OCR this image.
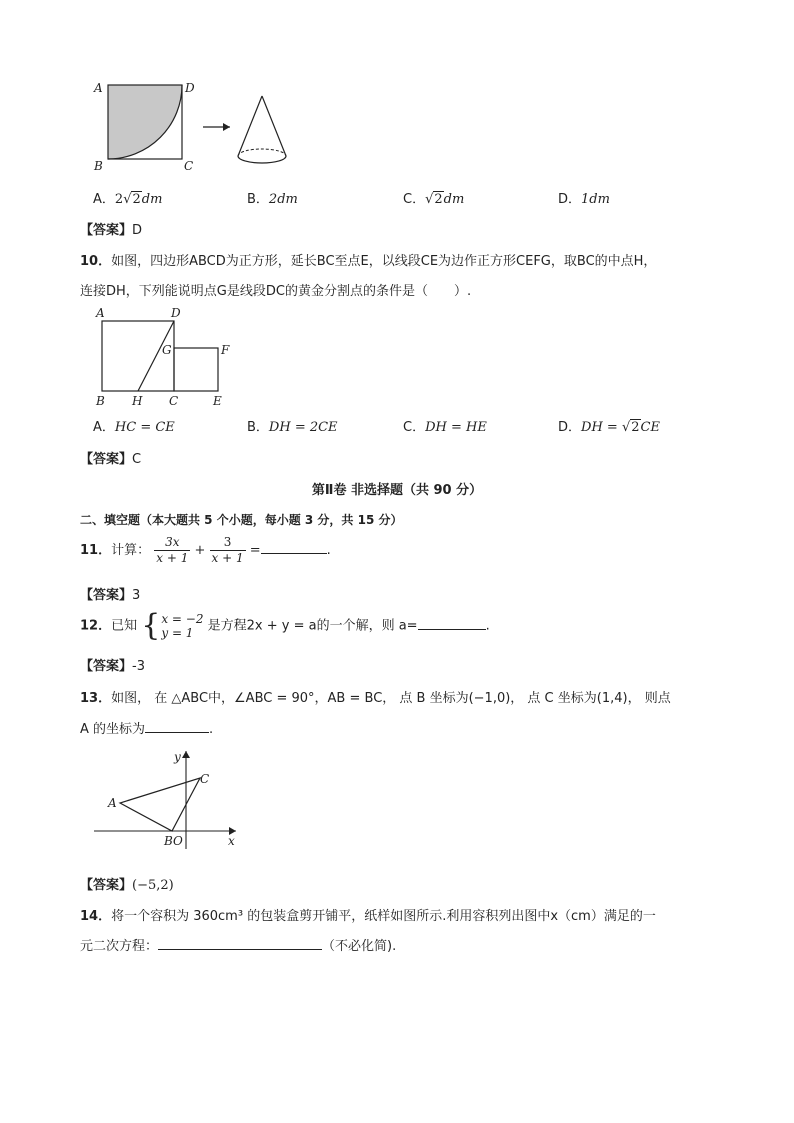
A	D
B	C
A．2√2dm	B．2dm	C．√2dm	D．1dm
【答案】D
10．如图，四边形ABCD为正方形，延长BC至点E，以线段CE为边作正方形CEFG，取BC的中点H，
连接DH，下列能说明点G是线段DC的黄金分割点的条件是（　　）.
A	D
G	F
B H C	E
A．HC = CE	B．DH = 2CE	C．DH = HE	D．DH = √2CE
【答案】C
第Ⅱ卷 非选择题（共 90 分）
二、填空题（本大题共 5 个小题，每小题 3 分，共 15 分）
11．计算： $\frac{3x}{x + 1} + \frac{3}{x + 1}$ =	.
【答案】3
12．已知 { x = −2
y = 1	是方程2x + y = a的一个解，则 a=	.
【答案】-3
13．如图， 在 △ABC中，∠ABC = 90°，AB = BC， 点 B 坐标为(−1,0)， 点 C 坐标为(1,4)， 则点
A 的坐标为	.
y
C
A
BO	x
【答案】(−5,2)
14．将一个容积为 360cm³ 的包装盒剪开铺平，纸样如图所示.利用容积列出图中x（cm）满足的一
元二次方程：	（不必化简).
